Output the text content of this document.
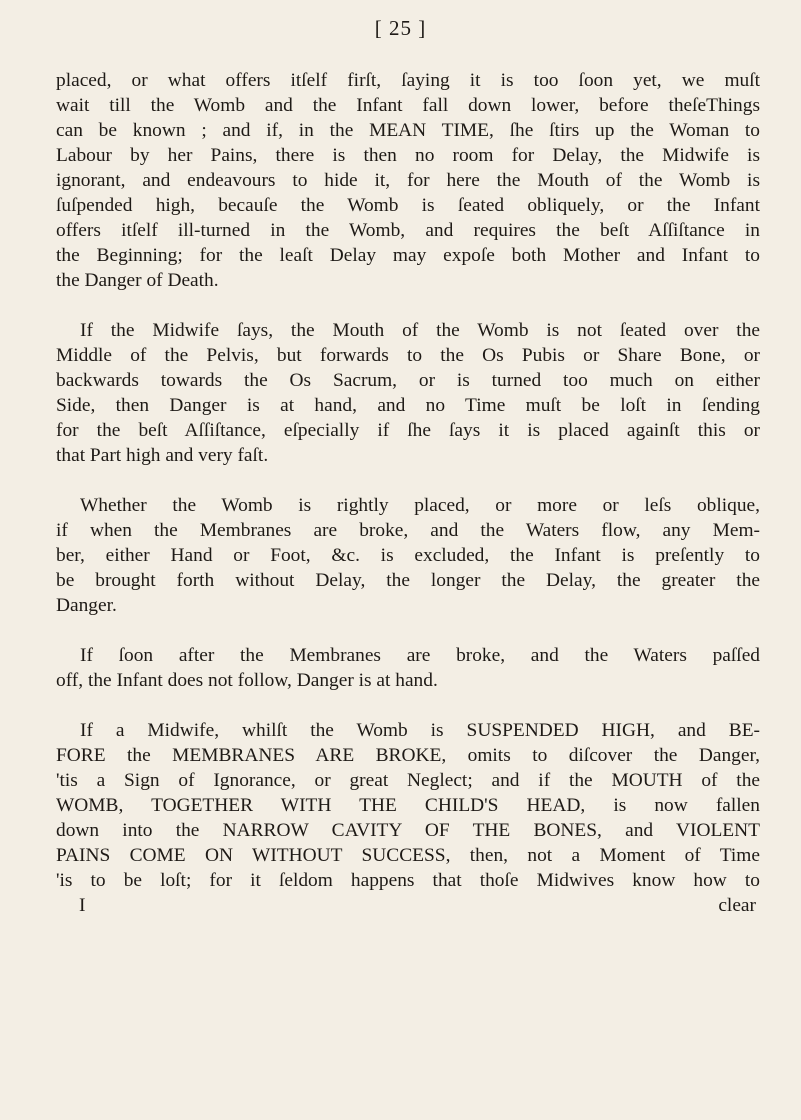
[ 25 ]
placed, or what offers itſelf firſt, ſaying it is too ſoon yet, we muſt
wait till the Womb and the Infant fall down lower, before theſeThings
can be known ; and if, in the MEAN TIME, ſhe ſtirs up the Woman to
Labour by her Pains, there is then no room for Delay, the Midwife is
ignorant, and endeavours to hide it, for here the Mouth of the Womb is
ſuſpended high, becauſe the Womb is ſeated obliquely, or the Infant
offers itſelf ill-turned in the Womb, and requires the beſt Aſſiſtance in
the Beginning; for the leaſt Delay may expoſe both Mother and Infant to
the Danger of Death.
If the Midwife ſays, the Mouth of the Womb is not ſeated over the
Middle of the Pelvis, but forwards to the Os Pubis or Share Bone, or
backwards towards the Os Sacrum, or is turned too much on either
Side, then Danger is at hand, and no Time muſt be loſt in ſending
for the beſt Aſſiſtance, eſpecially if ſhe ſays it is placed againſt this or
that Part high and very faſt.
Whether the Womb is rightly placed, or more or leſs oblique,
if when the Membranes are broke, and the Waters flow, any Mem-
ber, either Hand or Foot, &c. is excluded, the Infant is preſently to
be brought forth without Delay, the longer the Delay, the greater the
Danger.
If ſoon after the Membranes are broke, and the Waters paſſed
off, the Infant does not follow, Danger is at hand.
If a Midwife, whilſt the Womb is SUSPENDED HIGH, and BE-
FORE the MEMBRANES ARE BROKE, omits to diſcover the Danger,
'tis a Sign of Ignorance, or great Neglect; and if the MOUTH of the
WOMB, TOGETHER WITH THE CHILD'S HEAD, is now fallen
down into the NARROW CAVITY OF THE BONES, and VIOLENT
PAINS COME ON WITHOUT SUCCESS, then, not a Moment of Time
'is to be loſt; for it ſeldom happens that thoſe Midwives know how to
I	clear
